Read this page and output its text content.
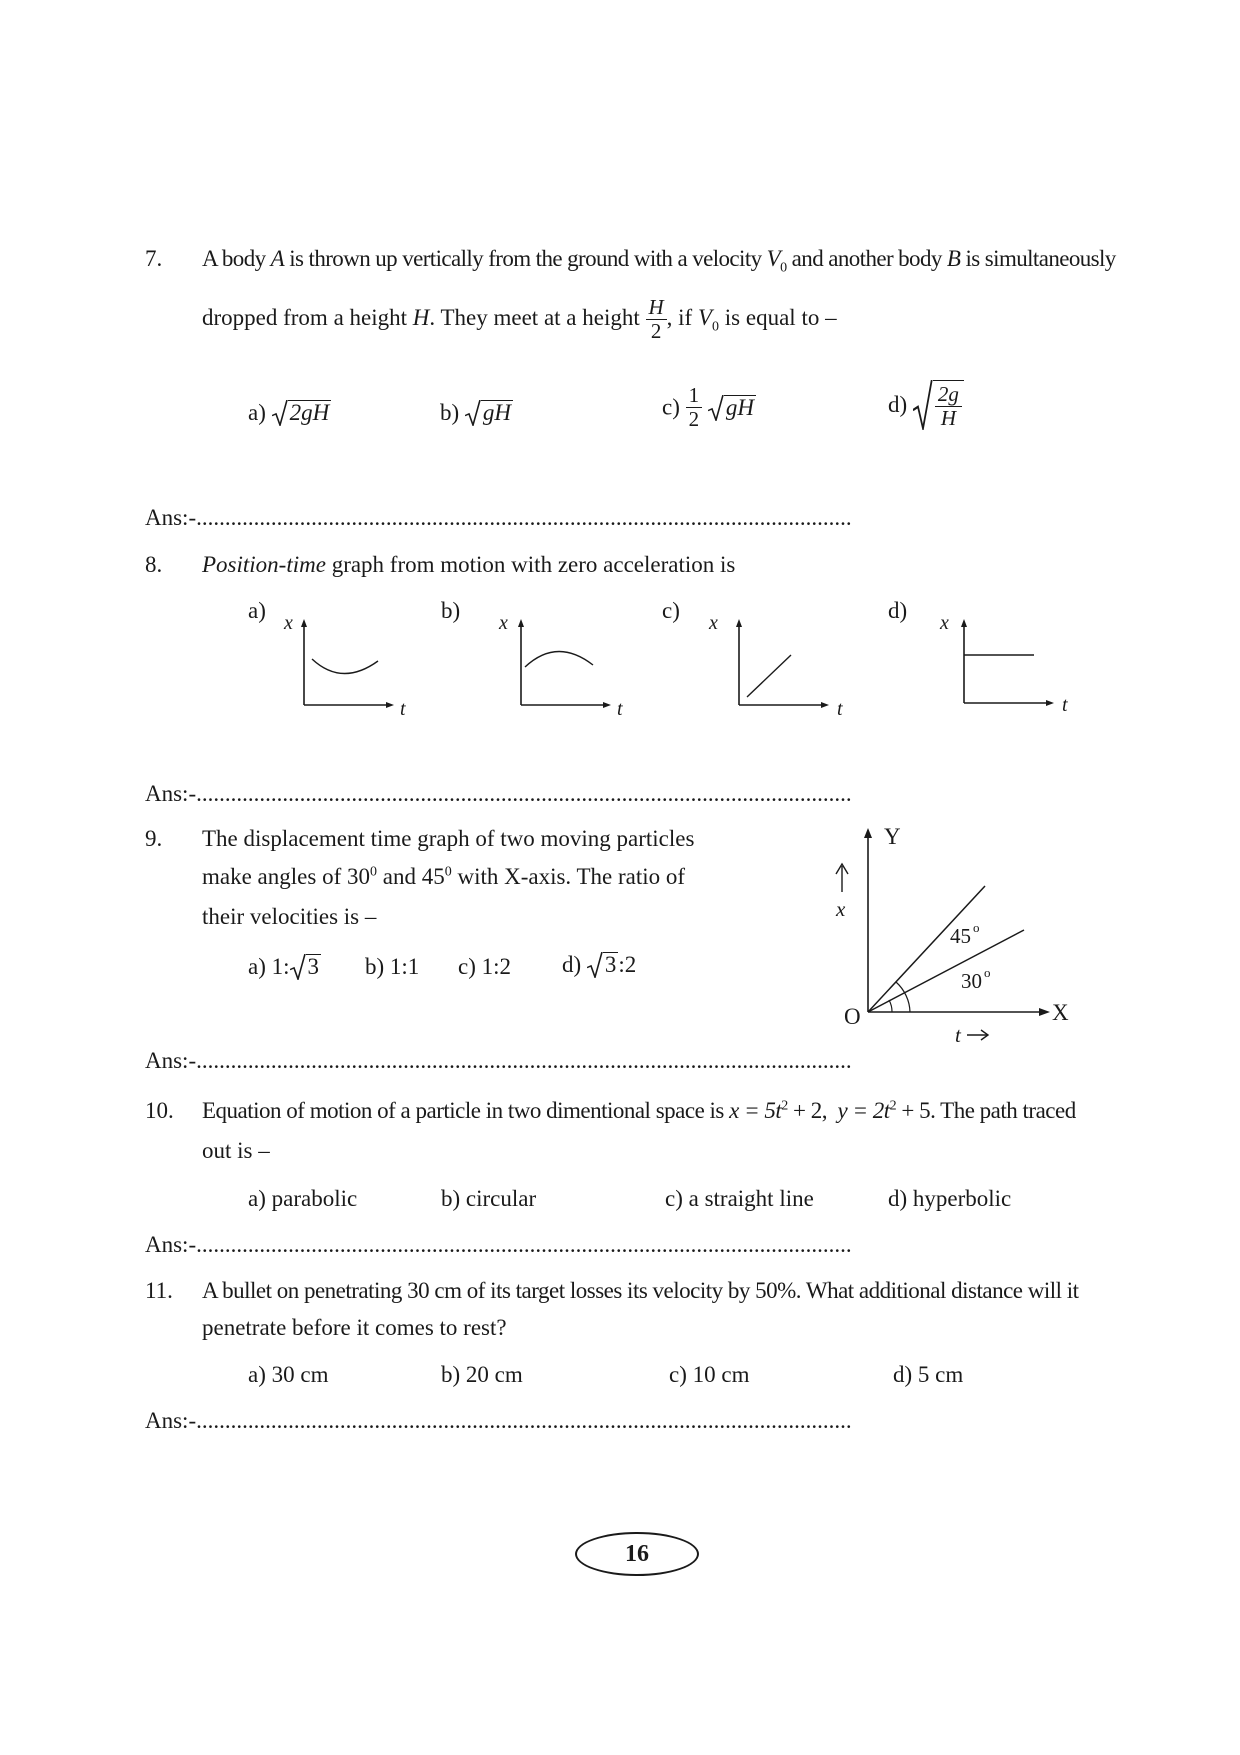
7. A body A is thrown up vertically from the ground with a velocity $V_0$ and another body B is simultaneously
dropped from a height H. They meet at a height $\frac{H}{2}$ , if $V_0$ is equal to –
a) 2gH	b) gH	$c) \frac{1}{2}$
gH	$d) \frac{2g}{H}$
Ans:-..................................................................................................................
8. Position-time graph from motion with zero acceleration is
a)	b)	c)	d)
x
t
x
t
x
t
x
t
Ans:-..................................................................................................................
9. The displacement time graph of two moving particles
make angles of $30^0$ and $45^0$ with X-axis. The ratio of
their velocities is –
a) 1: 3 b) 1:1 c) 1:2 d) 3:2
Y
X
O
x
t
45 o
30 o
Ans:-..................................................................................................................
10. Equation of motion of a particle in two dimentional space is $x = 5t^2 + 2$, $y = 2t^2 + 5$. The path traced
out is –
a) parabolic	b) circular	c) a straight line	d) hyperbolic
Ans:-..................................................................................................................
11. A bullet on penetrating 30 cm of its target losses its velocity by 50%. What additional distance will it
penetrate before it comes to rest?
a) 30 cm	b) 20 cm	c) 10 cm	d) 5 cm
Ans:-..................................................................................................................
16
